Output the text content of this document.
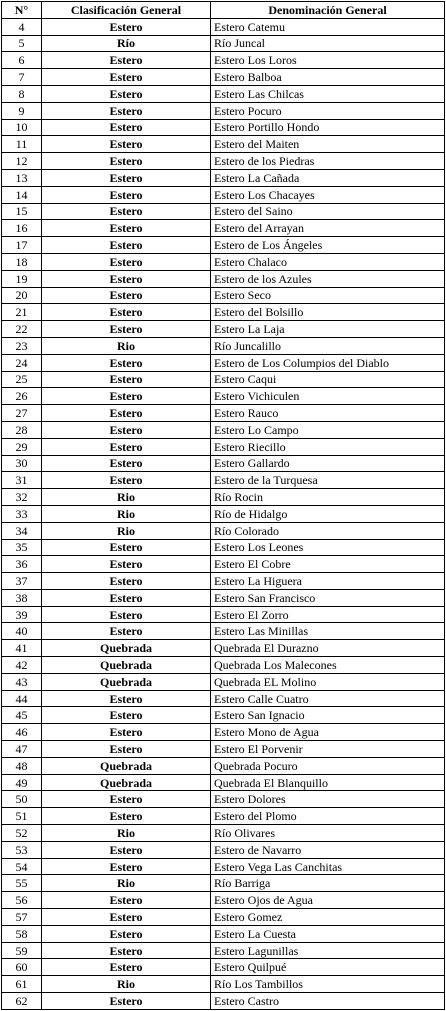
N°	Clasificación General	Denominación General
4	Estero	Estero Catemu
5	Río	Río Juncal
6	Estero	Estero Los Loros
7	Estero	Estero Balboa
8	Estero	Estero Las Chilcas
9	Estero	Estero Pocuro
10	Estero	Estero Portillo Hondo
11	Estero	Estero del Maiten
12	Estero	Estero de los Piedras
13	Estero	Estero La Cañada
14	Estero	Estero Los Chacayes
15	Estero	Estero del Saino
16	Estero	Estero del Arrayan
17	Estero	Estero de Los Ángeles
18	Estero	Estero Chalaco
19	Estero	Estero de los Azules
20	Estero	Estero Seco
21	Estero	Estero del Bolsillo
22	Estero	Estero La Laja
23	Rio	Río Juncalillo
24	Estero	Estero de Los Columpios del Diablo
25	Estero	Estero Caqui
26	Estero	Estero Vichiculen
27	Estero	Estero Rauco
28	Estero	Estero Lo Campo
29	Estero	Estero Riecillo
30	Estero	Estero Gallardo
31	Estero	Estero de la Turquesa
32	Rio	Río Rocin
33	Rio	Río de Hidalgo
34	Rio	Río Colorado
35	Estero	Estero Los Leones
36	Estero	Estero El Cobre
37	Estero	Estero La Higuera
38	Estero	Estero San Francisco
39	Estero	Estero El Zorro
40	Estero	Estero Las Minillas
41	Quebrada	Quebrada El Durazno
42	Quebrada	Quebrada Los Malecones
43	Quebrada	Quebrada EL Molino
44	Estero	Estero Calle Cuatro
45	Estero	Estero San Ignacio
46	Estero	Estero Mono de Agua
47	Estero	Estero El Porvenir
48	Quebrada	Quebrada Pocuro
49	Quebrada	Quebrada El Blanquillo
50	Estero	Estero Dolores
51	Estero	Estero del Plomo
52	Rio	Río Olivares
53	Estero	Estero de Navarro
54	Estero	Estero Vega Las Canchitas
55	Rio	Río Barriga
56	Estero	Estero Ojos de Agua
57	Estero	Estero Gomez
58	Estero	Estero La Cuesta
59	Estero	Estero Lagunillas
60	Estero	Estero Quilpué
61	Rio	Río Los Tambillos
62	Estero	Estero Castro
